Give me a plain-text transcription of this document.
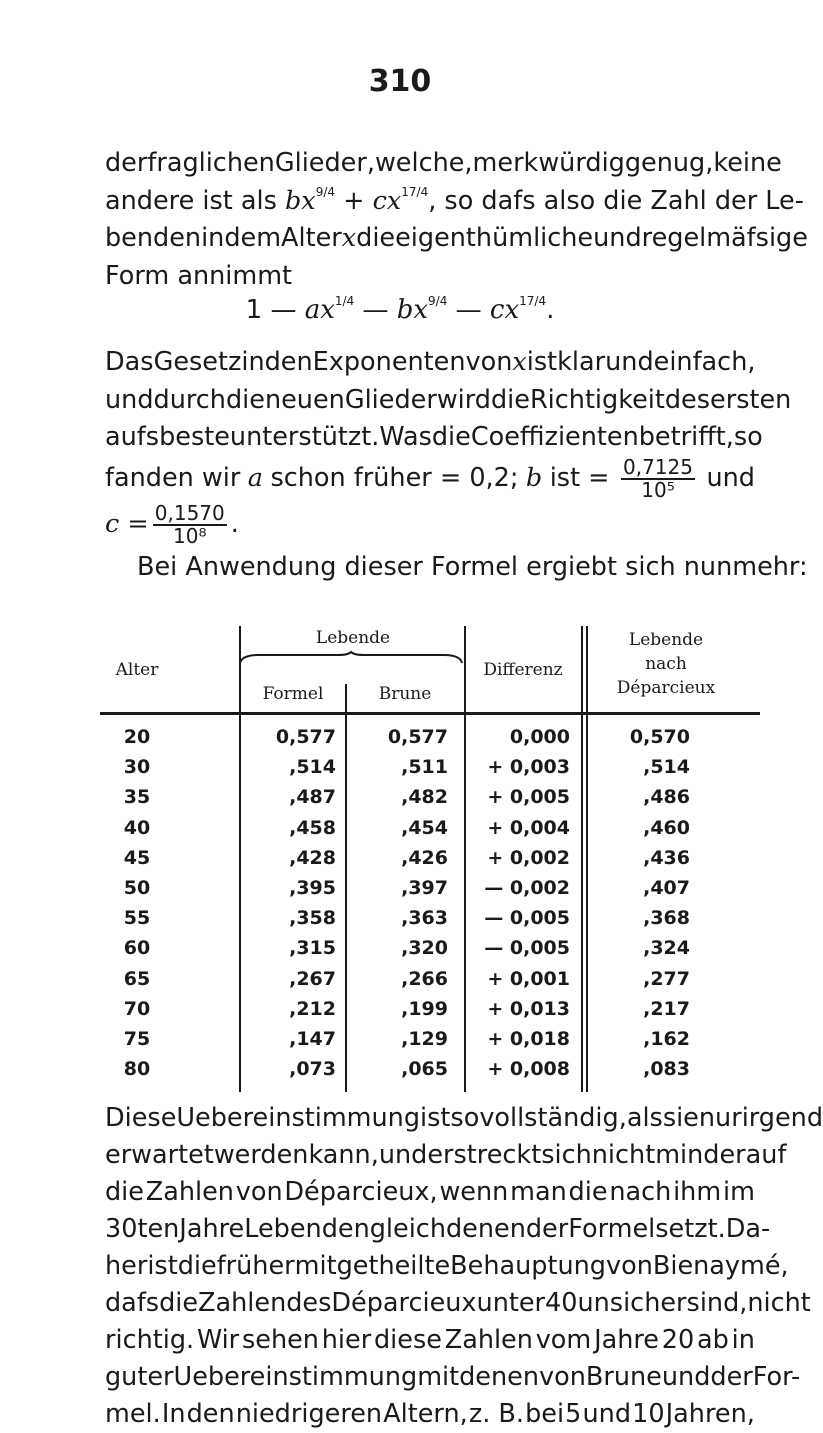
310
der fraglichen Glieder, welche, merkwürdig genug, keine
andere ist als $bx^{9/4} + cx^{17/4}$, so dafs also die Zahl der Le-
benden in dem Alter x die eigenthümliche und regelmäfsige
Form annimmt
1 — $ax^{1/4}$ — $bx^{9/4}$ — $cx^{17/4}$.
Das Gesetz in den Exponenten von x ist klar und einfach,
und durch die neuen Glieder wird die Richtigkeit des ersten
aufs beste unterstützt. Was die Coeffizienten betrifft, so
fanden wir a schon früher = 0,2; b ist = $\frac{0,7125}{\text{10⁵}}$ und
$c = \frac{0,1570}{\text{10⁸}}$ .
Bei Anwendung dieser Formel ergiebt sich nunmehr:
Alter
Lebende
Formel	Brune
Differenz
Lebende
nach
Déparcieux
20	0,577	0,577	0,000	0,570
30	,514	,511	+ 0,003	,514
35	,487	,482	+ 0,005	,486
40	,458	,454	+ 0,004	,460
45	,428	,426	+ 0,002	,436
50	,395	,397	— 0,002	,407
55	,358	,363	— 0,005	,368
60	,315	,320	— 0,005	,324
65	,267	,266	+ 0,001	,277
70	,212	,199	+ 0,013	,217
75	,147	,129	+ 0,018	,162
80	,073	,065	+ 0,008	,083
Diese Uebereinstimmung ist so vollständig, als sie nur irgend
erwartet werden kann, und erstreckt sich nicht minder auf
die Zahlen von Déparcieux, wenn man die nach ihm im
30ten Jahre Lebenden gleich denen der Formel setzt. Da-
her ist die früher mitgetheilte Behauptung von Bienaymé,
dafs die Zahlen des Déparcieux unter 40 unsicher sind, nicht
richtig. Wir sehen hier diese Zahlen vom Jahre 20 ab in
guter Uebereinstimmung mit denen von Brune und der For-
mel. In den niedrigeren Altern, z. B. bei 5 und 10 Jahren,
